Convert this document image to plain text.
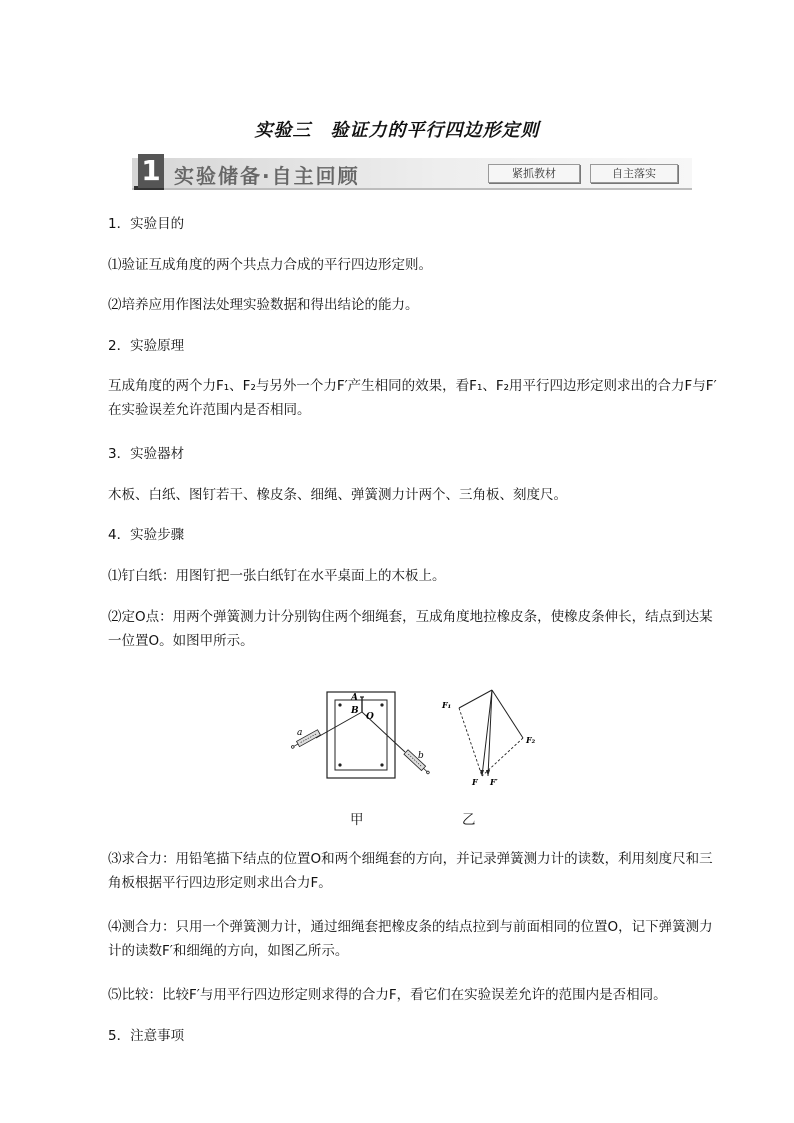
实验三　验证力的平行四边形定则
1 实验储备·自主回顾	紧抓教材	自主落实
1．实验目的
⑴验证互成角度的两个共点力合成的平行四边形定则。
⑵培养应用作图法处理实验数据和得出结论的能力。
2．实验原理
互成角度的两个力F₁、F₂与另外一个力F′产生相同的效果，看F₁、F₂用平行四边形定则求出的合力F与F′在实验误差允许范围内是否相同。
3．实验器材
木板、白纸、图钉若干、橡皮条、细绳、弹簧测力计两个、三角板、刻度尺。
4．实验步骤
⑴钉白纸：用图钉把一张白纸钉在水平桌面上的木板上。
⑵定O点：用两个弹簧测力计分别钩住两个细绳套，互成角度地拉橡皮条，使橡皮条伸长，结点到达某一位置O。如图甲所示。
A
B
O
a
b
F₁
F₂
F F′
甲	乙
⑶求合力：用铅笔描下结点的位置O和两个细绳套的方向，并记录弹簧测力计的读数，利用刻度尺和三角板根据平行四边形定则求出合力F。
⑷测合力：只用一个弹簧测力计，通过细绳套把橡皮条的结点拉到与前面相同的位置O，记下弹簧测力计的读数F′和细绳的方向，如图乙所示。
⑸比较：比较F′与用平行四边形定则求得的合力F，看它们在实验误差允许的范围内是否相同。
5．注意事项
